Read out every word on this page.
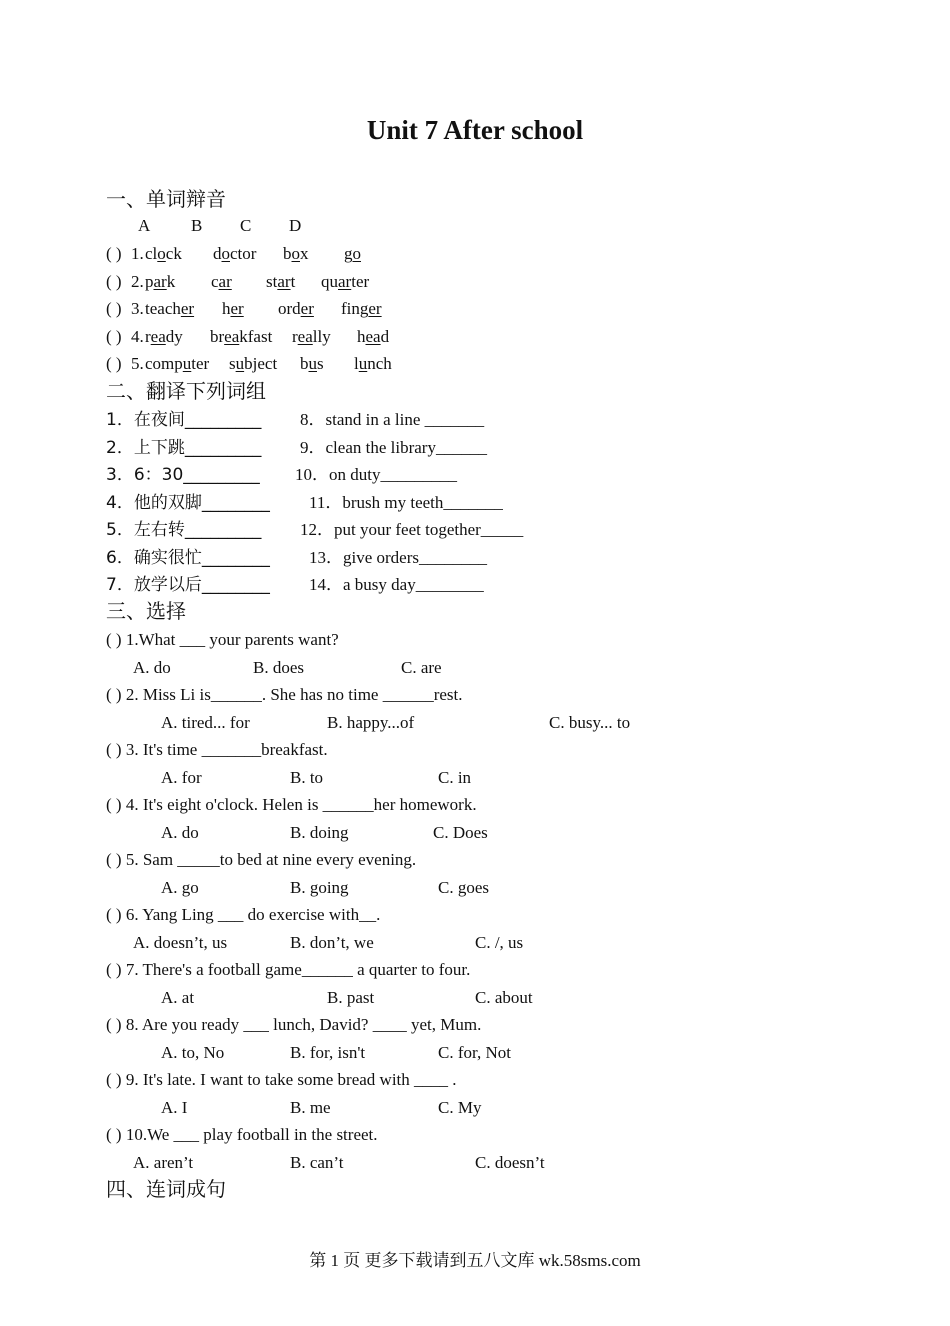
Unit 7 After school
一、单词辩音
A B C D
( ) 1. clock doctor box go
( ) 2. park car start quarter
( ) 3. teacher her order finger
( ) 4. ready breakfast really head
( ) 5. computer subject bus lunch
二、翻译下列词组
1．在夜间_________ 8．stand in a line _______
2．上下跳_________ 9．clean the library______
3．6：30_________ 10．on duty_________
4．他的双脚________ 11．brush my teeth_______
5．左右转_________ 12．put your feet together_____
6．确实很忙________ 13．give orders________
7．放学以后________ 14．a busy day________
三、选择
( ) 1.What ___ your parents want?
A. do	B. does	C. are
( ) 2. Miss Li is______. She has no time ______rest.
A. tired... for	B. happy...of	C. busy... to
( ) 3. It's time _______breakfast.
A. for	B. to	C. in
( ) 4. It's eight o'clock. Helen is ______her homework.
A. do	B. doing	C. Does
( ) 5. Sam _____to bed at nine every evening.
A. go	B. going	C. goes
( ) 6. Yang Ling ___ do exercise with__.
A. doesn’t, us	B. don’t, we	C. /, us
( ) 7. There's a football game______ a quarter to four.
A. at	B. past	C. about
( ) 8. Are you ready ___ lunch, David? ____ yet, Mum.
A. to, No	B. for, isn't	C. for, Not
( ) 9. It's late. I want to take some bread with ____ .
A. I	B. me	C. My
( ) 10.We ___ play football in the street.
A. aren’t	B. can’t	C. doesn’t
四、连词成句
第 1 页 更多下载请到五八文库 wk.58sms.com
